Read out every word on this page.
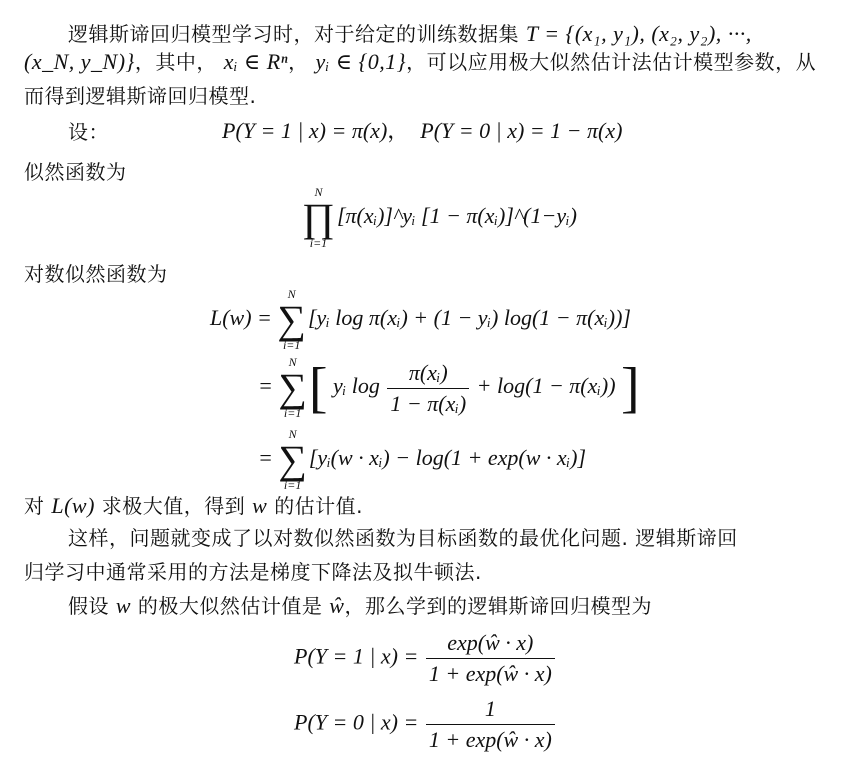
逻辑斯谛回归模型学习时，对于给定的训练数据集 T = {(x₁, y₁), (x₂, y₂), ···,
(x_N, y_N)}，其中， xᵢ ∈ Rⁿ， yᵢ ∈ {0,1}，可以应用极大似然估计法估计模型参数，从
而得到逻辑斯谛回归模型.
设：	P(Y = 1 | x) = π(x)， P(Y = 0 | x) = 1 − π(x)
似然函数为
N
∏
i=1
[π(xᵢ)]^yᵢ [1 − π(xᵢ)]^(1−yᵢ)
对数似然函数为
L(w) =
N
∑
i=1
[yᵢ log π(xᵢ) + (1 − yᵢ) log(1 − π(xᵢ))]
=
N
∑
i=1 [ yᵢ $\log \frac{\text{π(xᵢ)}}{\text{1 − π(xᵢ)}} + \log(1$ − π(xᵢ)) ]
=
N
∑
i=1
[yᵢ(w · xᵢ) − log(1 + exp(w · xᵢ)]
对 L(w) 求极大值，得到 w 的估计值.
这样，问题就变成了以对数似然函数为目标函数的最优化问题. 逻辑斯谛回
归学习中通常采用的方法是梯度下降法及拟牛顿法.
假设 w 的极大似然估计值是 ŵ，那么学到的逻辑斯谛回归模型为
P(Y = 1 | $x) = \frac{\exp(ŵ \cdot x)}{1 + \exp(ŵ \cdot x)}$
P(Y = 0 | $x) = \frac{1}{1 + \exp(ŵ \cdot x)}$
